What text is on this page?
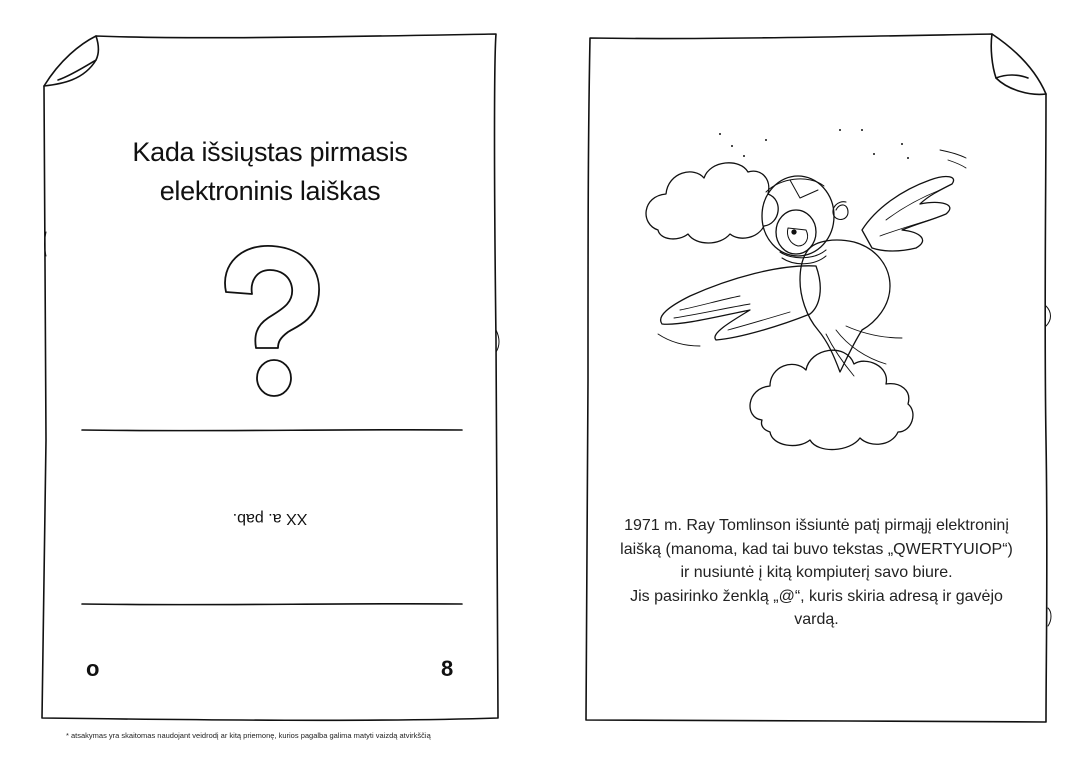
Kada išsiųstas pirmasis
elektroninis laiškas
XX a. pab.
o	8
1971 m. Ray Tomlinson išsiuntė patį pirmąjį elektroninį
laišką (manoma, kad tai buvo tekstas „QWERTYUIOP“)
ir nusiuntė į kitą kompiuterį savo biure.
Jis pasirinko ženklą „@“, kuris skiria adresą ir gavėjo
vardą.
* atsakymas yra skaitomas naudojant veidrodį ar kitą priemonę, kurios pagalba galima matyti vaizdą atvirkščią
